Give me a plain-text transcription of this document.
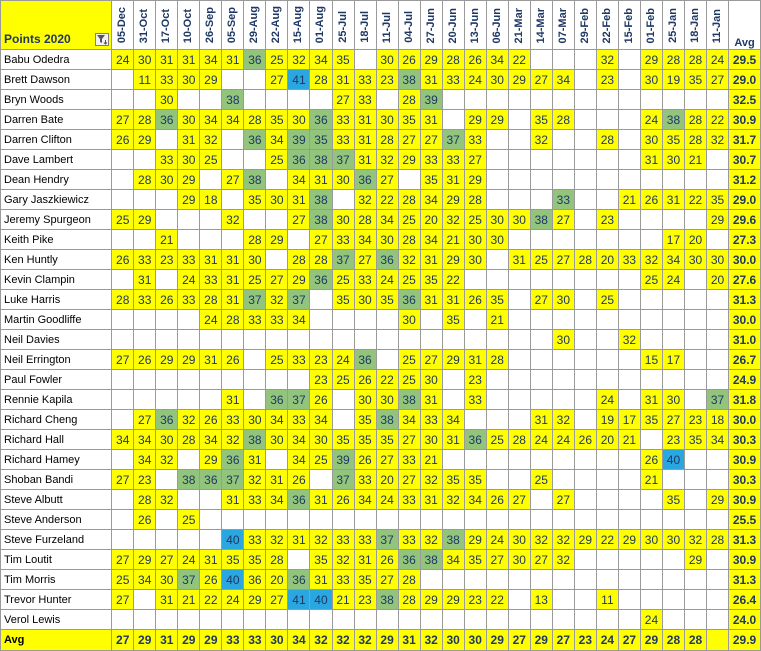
Points 2020	05-Dec	31-Oct	17-Oct	10-Oct	26-Sep	05-Sep	29-Aug	22-Aug	15-Aug	01-Aug	25-Jul	18-Jul	11-Jul	04-Jul	27-Jun	20-Jun	13-Jun	06-Jun	21-Mar	14-Mar	07-Mar	29-Feb	22-Feb	15-Feb	01-Feb	25-Jan	18-Jan	11-Jan	Avg
Babu Odedra	24	30	31	31	34	31	36	25	32	34	35		30	26	29	28	26	34	22				32		29	28	28	24	29.5
Brett Dawson		11	33	30	29			27	41	28	31	33	23	38	31	33	24	30	29	27	34		23		30	19	35	27	29.0
Bryn Woods			30			38					27	33		28	39														32.5
Darren Bate	27	28	36	30	34	34	28	35	30	36	33	31	30	35	31		29	29		35	28				24	38	28	22	30.9
Darren Clifton	26	29		31	32		36	34	39	35	33	31	28	27	27	37	33			32			28		30	35	28	32	31.7
Dave Lambert			33	30	25			25	36	38	37	31	32	29	33	33	27								31	30	21		30.7
Dean Hendry		28	30	29		27	38		34	31	30	36	27		35	31	29												31.2
Gary Jaszkiewicz				29	18		35	30	31	38		32	22	28	34	29	28				33			21	26	31	22	35	29.0
Jeremy Spurgeon	25	29				32			27	38	30	28	34	25	20	32	25	30	30	38	27		23					29	29.6
Keith Pike			21				28	29		27	33	34	30	28	34	21	30	30								17	20		27.3
Ken Huntly	26	33	23	33	31	31	30		28	28	37	27	36	32	31	29	30		31	25	27	28	20	33	32	34	30	30	30.0
Kevin Clampin		31		24	33	31	25	27	29	36	25	33	24	25	35	22									25	24		20	27.6
Luke Harris	28	33	26	33	28	31	37	32	37		35	30	35	36	31	31	26	35		27	30		25						31.3
Martin Goodliffe					24	28	33	33	34					30		35		21											30.0
Neil Davies																					30			32					31.0
Neil Errington	27	26	29	29	31	26		25	33	23	24	36		25	27	29	31	28							15	17			26.7
Paul Fowler										23	25	26	22	25	30		23												24.9
Rennie Kapila						31		36	37	26		30	30	38	31		33						24		31	30		37	31.8
Richard Cheng		27	36	32	26	33	30	34	33	34		35	38	34	33	34				31	32		19	17	35	27	23	18	30.0
Richard Hall	34	34	30	28	34	32	38	30	34	30	35	35	35	27	30	31	36	25	28	24	24	26	20	21		23	35	34	30.3
Richard Hamey		34	32		29	36	31		34	25	39	26	27	33	21										26	40			30.9
Shoban Bandi	27	23		38	36	37	32	31	26		37	33	20	27	32	35	35			25					21				30.3
Steve Albutt		28	32			31	33	34	36	31	26	34	24	33	31	32	34	26	27		27					35		29	30.9
Steve Anderson		26		25																									25.5
Steve Furzeland						40	33	32	31	32	33	33	37	33	32	38	29	24	30	32	32	29	22	29	30	30	32	28	31.3
Tim Loutit	27	29	27	24	31	35	35	28		35	32	31	26	36	38	34	35	27	30	27	32						29		30.9
Tim Morris	25	34	30	37	26	40	36	20	36	31	33	35	27	28															31.3
Trevor Hunter	27		31	21	22	24	29	27	41	40	21	23	38	28	29	29	23	22		13			11						26.4
Verol Lewis																									24				24.0
Avg	27	29	31	29	29	33	33	30	34	32	32	32	29	31	32	30	30	29	27	29	27	23	24	27	29	28	28		29.9
